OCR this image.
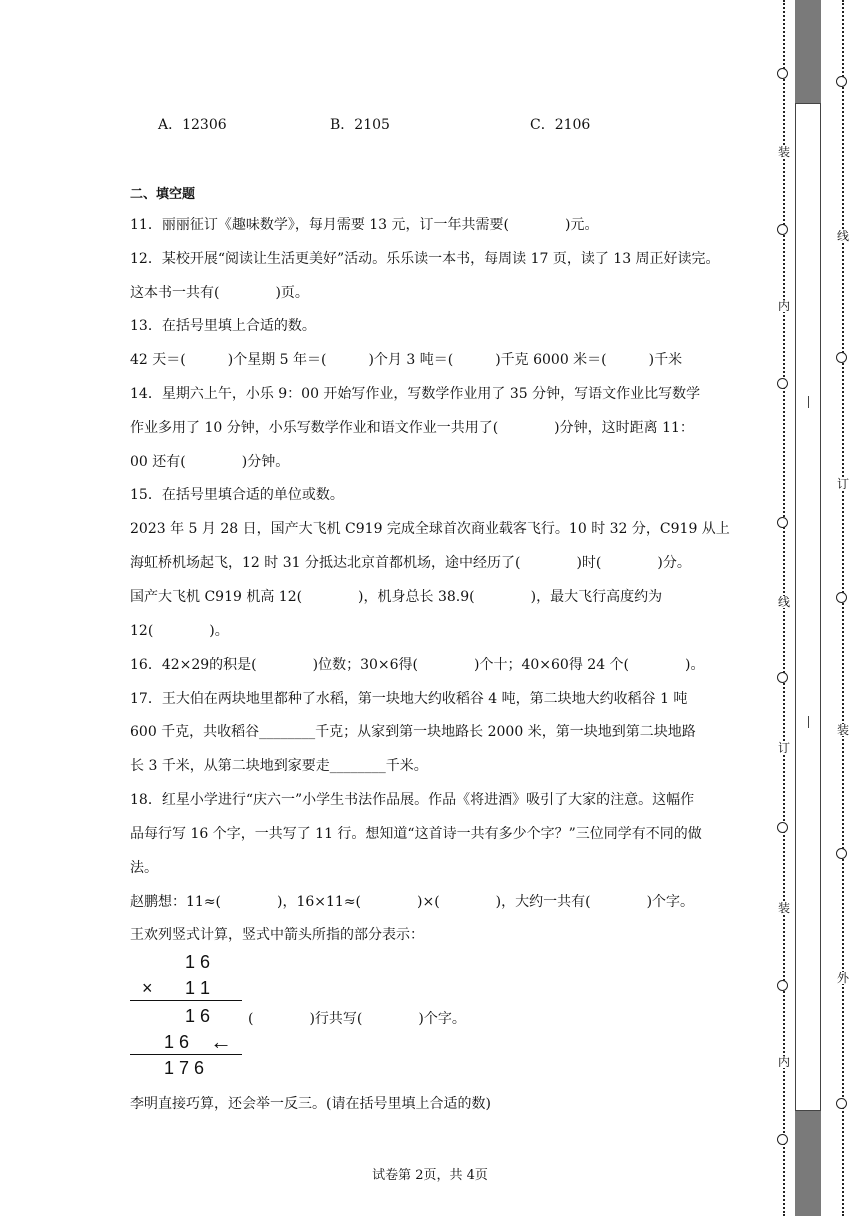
A．12306	B．2105	C．2106
二、填空题
11．丽丽征订《趣味数学》，每月需要 13 元，订一年共需要(　　　　)元。
12．某校开展“阅读让生活更美好”活动。乐乐读一本书，每周读 17 页，读了 13 周正好读完。
这本书一共有(　　　　)页。
13．在括号里填上合适的数。
42 天＝(　　　)个星期 5 年＝(　　　)个月 3 吨＝(　　　)千克 6000 米＝(　　　)千米
14．星期六上午，小乐 9：00 开始写作业，写数学作业用了 35 分钟，写语文作业比写数学
作业多用了 10 分钟，小乐写数学作业和语文作业一共用了(　　　　)分钟，这时距离 11：
00 还有(　　　　)分钟。
15．在括号里填合适的单位或数。
2023 年 5 月 28 日，国产大飞机 C919 完成全球首次商业载客飞行。10 时 32 分，C919 从上
海虹桥机场起飞，12 时 31 分抵达北京首都机场，途中经历了(　　　　)时(　　　　)分。
国产大飞机 C919 机高 12(　　　　)，机身总长 38.9(　　　　)，最大飞行高度约为
12(　　　　)。
16．42×29的积是(　　　　)位数；30×6得(　　　　)个十；40×60得 24 个(　　　　)。
17．王大伯在两块地里都种了水稻，第一块地大约收稻谷 4 吨，第二块地大约收稻谷 1 吨
600 千克，共收稻谷________千克；从家到第一块地路长 2000 米，第一块地到第二块地路
长 3 千米，从第二块地到家要走________千米。
18．红星小学进行“庆六一”小学生书法作品展。作品《将进酒》吸引了大家的注意。这幅作
品每行写 16 个字，一共写了 11 行。想知道“这首诗一共有多少个字？”三位同学有不同的做
法。
赵鹏想：11≈(　　　　)，16×11≈(　　　　)×(　　　　)，大约一共有(　　　　)个字。
王欢列竖式计算，竖式中箭头所指的部分表示：
1 6
× 1 1
1 6
1 6 ←
1 7 6
(　　　　)行共写(　　　　)个字。
李明直接巧算，还会举一反三。(请在括号里填上合适的数)
试卷第 2页，共 4页
装
内
线
订
装
内
线
订
装
外
